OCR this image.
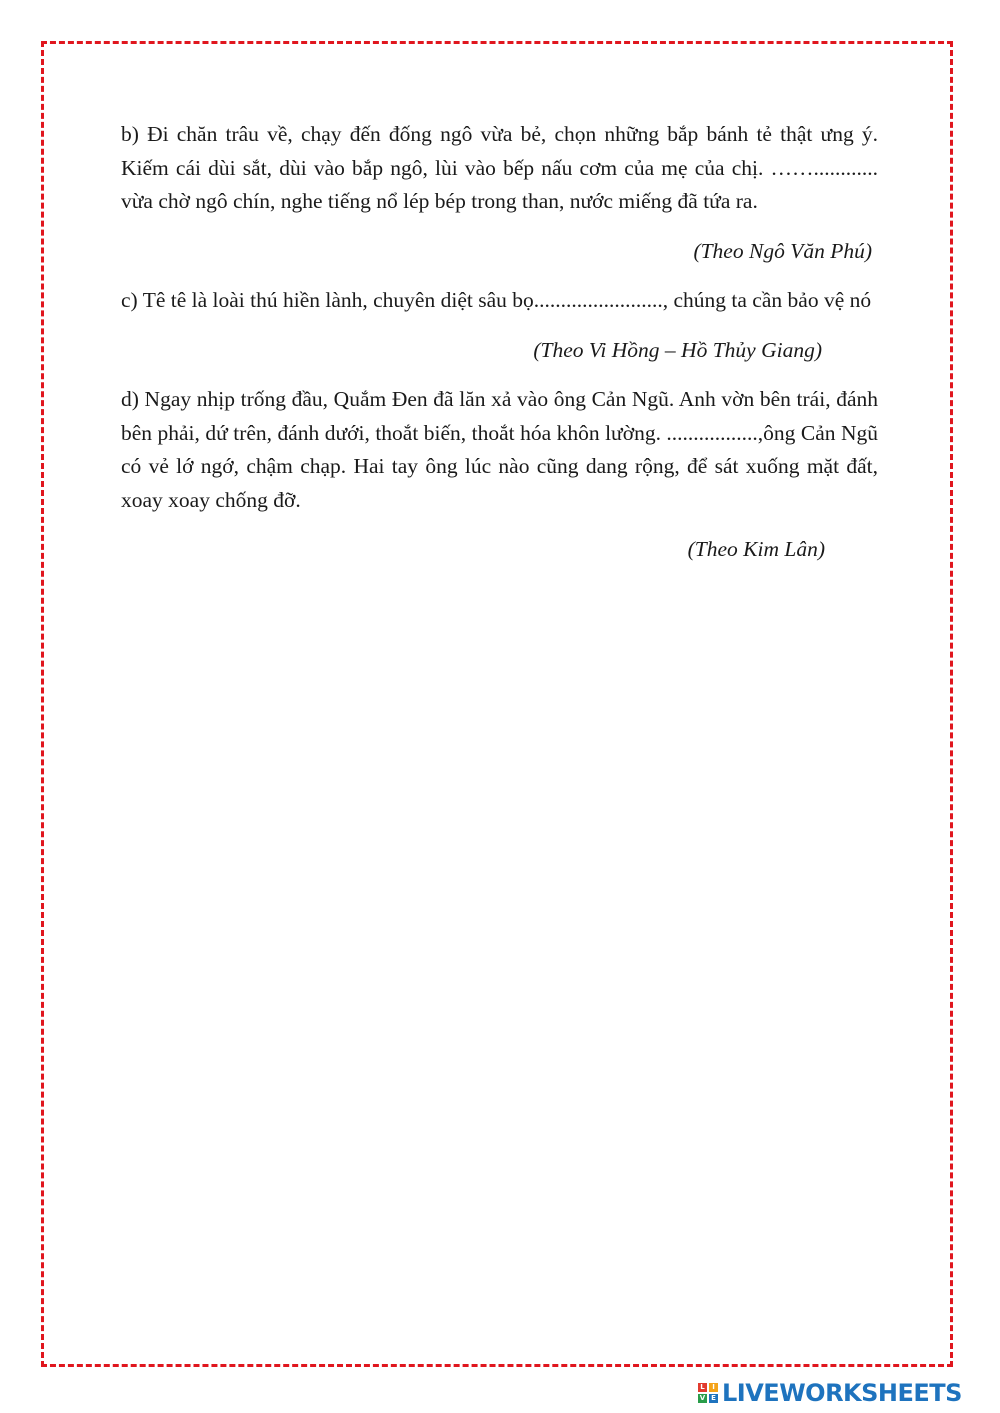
b) Đi chăn trâu về, chạy đến đống ngô vừa bẻ, chọn những bắp bánh tẻ thật ưng ý. Kiếm cái dùi sắt, dùi vào bắp ngô, lùi vào bếp nấu cơm của mẹ của chị. ……............ vừa chờ ngô chín, nghe tiếng nổ lép bép trong than, nước miếng đã tứa ra.

(Theo Ngô Văn Phú)

c) Tê tê là loài thú hiền lành, chuyên diệt sâu bọ........................, chúng ta cần bảo vệ nó

(Theo Vi Hồng – Hồ Thủy Giang)

d) Ngay nhịp trống đầu, Quắm Đen đã lăn xả vào ông Cản Ngũ. Anh vờn bên trái, đánh bên phải, dứ trên, đánh dưới, thoắt biến, thoắt hóa khôn lường. .................,ông Cản Ngũ có vẻ lớ ngớ, chậm chạp. Hai tay ông lúc nào cũng dang rộng, để sát xuống mặt đất, xoay xoay chống đỡ.

(Theo Kim Lân)

L	I
V E LIVEWORKSHEETS
